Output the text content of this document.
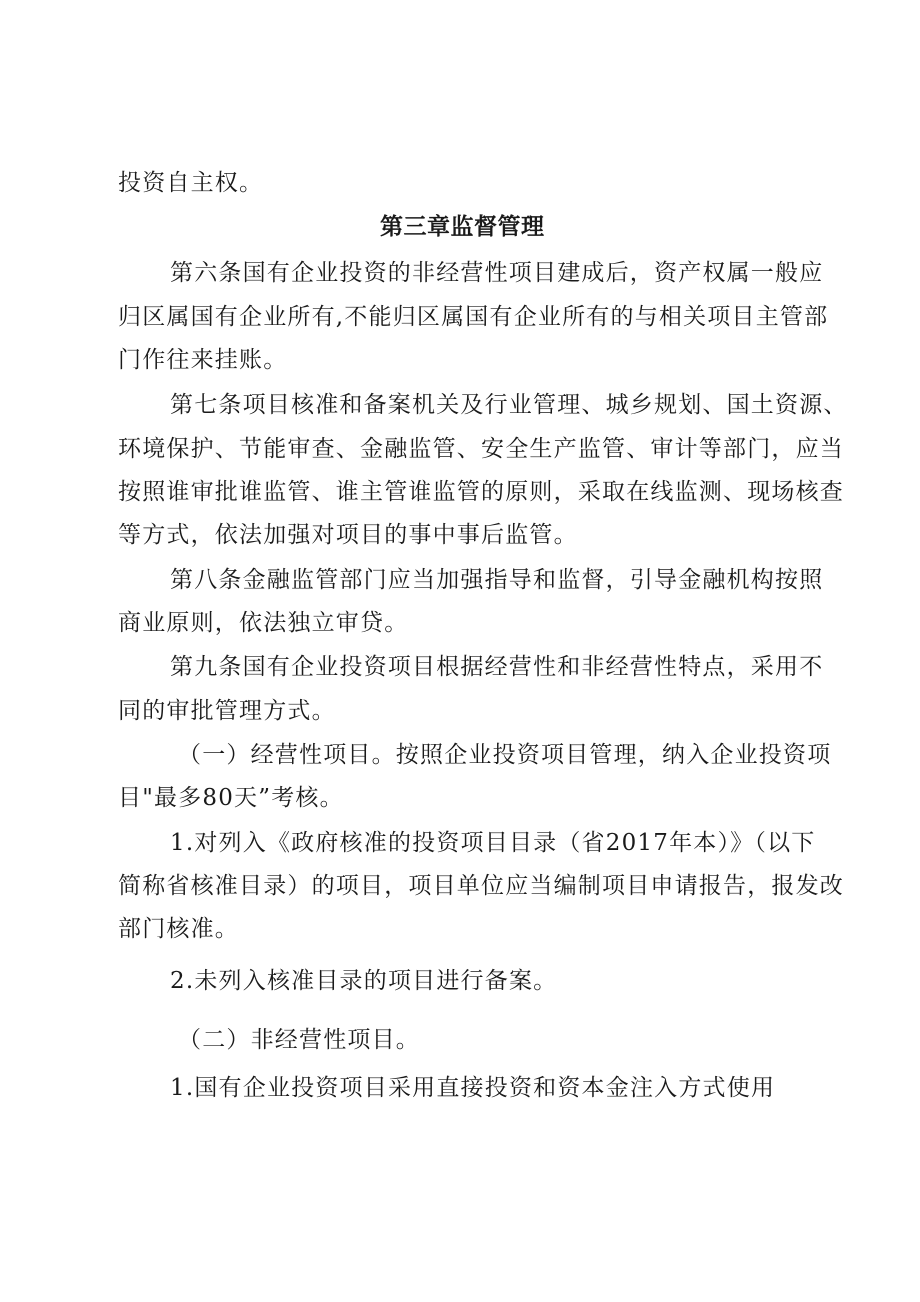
投资自主权。
第三章监督管理
第六条国有企业投资的非经营性项目建成后，资产权属一般应
归区属国有企业所有,不能归区属国有企业所有的与相关项目主管部
门作往来挂账。
第七条项目核准和备案机关及行业管理、城乡规划、国土资源、
环境保护、节能审查、金融监管、安全生产监管、审计等部门，应当
按照谁审批谁监管、谁主管谁监管的原则，采取在线监测、现场核查
等方式，依法加强对项目的事中事后监管。
第八条金融监管部门应当加强指导和监督，引导金融机构按照
商业原则，依法独立审贷。
第九条国有企业投资项目根据经营性和非经营性特点，采用不
同的审批管理方式。
（一）经营性项目。按照企业投资项目管理，纳入企业投资项
目"最多80天”考核。
1.对列入《政府核准的投资项目目录（省2017年本）》（以下
简称省核准目录）的项目，项目单位应当编制项目申请报告，报发改
部门核准。
2.未列入核准目录的项目进行备案。
（二）非经营性项目。
1.国有企业投资项目采用直接投资和资本金注入方式使用
